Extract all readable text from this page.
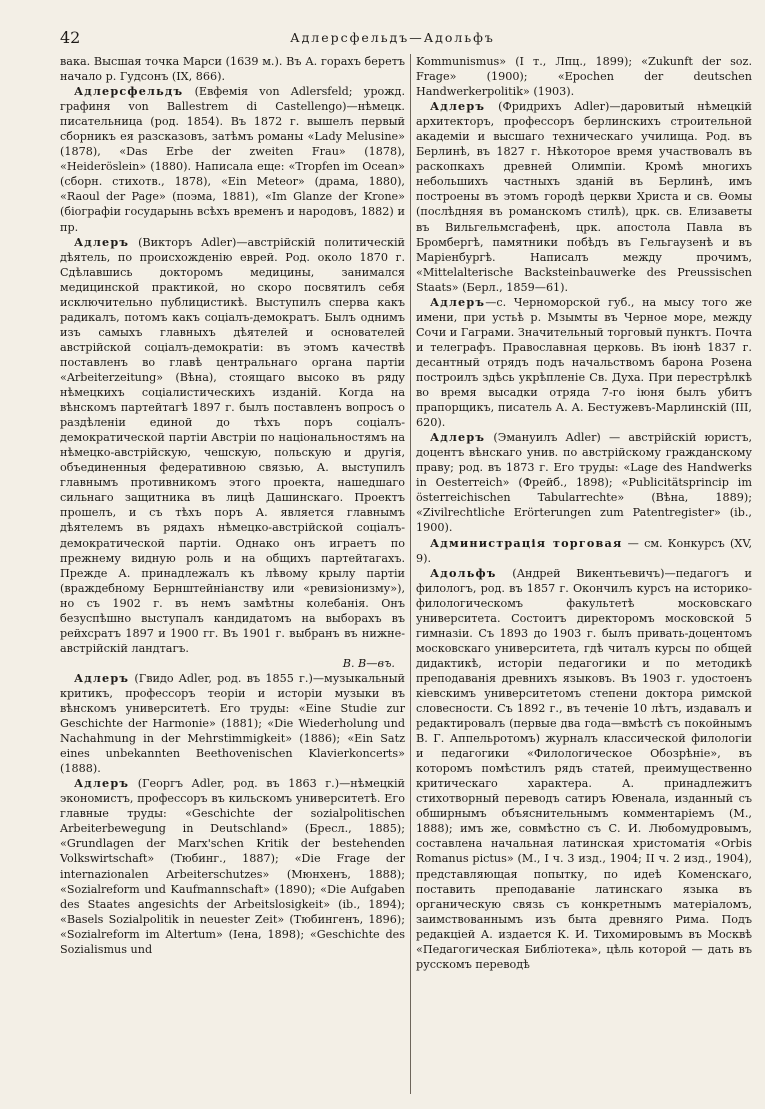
42	Адлерсфельдъ—Адольфъ

вака. Высшая точка Марси (1639 м.). Въ А. горахъ беретъ начало р. Гудсонъ (IX, 866).

Адлерсфельдъ (Евфемія von Adlersfeld; урожд. графиня von Ballestrem di Castellengo)—нѣмецк. писательница (род. 1854). Въ 1872 г. вышелъ первый сборникъ ея разсказовъ, затѣмъ романы «Lady Melusine» (1878), «Das Erbe der zweiten Frau» (1878), «Heideröslein» (1880). Написала еще: «Tropfen im Ocean» (сборн. стихотв., 1878), «Ein Meteor» (драма, 1880), «Raoul der Page» (поэма, 1881), «Im Glanze der Krone» (біографіи государынь всѣхъ временъ и народовъ, 1882) и пр.

Адлеръ (Викторъ Adler)—австрійскій политическій дѣятель, по происхожденію еврей. Род. около 1870 г. Сдѣлавшись докторомъ медицины, занимался медицинской практикой, но скоро посвятилъ себя исключительно публицистикѣ. Выступилъ сперва какъ радикалъ, потомъ какъ соціалъ-демократъ. Былъ однимъ изъ самыхъ главныхъ дѣятелей и основателей австрійской соціалъ-демократіи: въ этомъ качествѣ поставленъ во главѣ центральнаго органа партіи «Arbeiterzeitung» (Вѣна), стоящаго высоко въ ряду нѣмецкихъ соціалистическихъ изданій. Когда на вѣнскомъ партейтагѣ 1897 г. былъ поставленъ вопросъ о раздѣленіи единой до тѣхъ поръ соціалъ-демократической партіи Австріи по національностямъ на нѣмецко-австрійскую, чешскую, польскую и другія, объединенныя федеративною связью, А. выступилъ главнымъ противникомъ этого проекта, нашедшаго сильнаго защитника въ лицѣ Дашинскаго. Проектъ прошелъ, и съ тѣхъ поръ А. является главнымъ дѣятелемъ въ рядахъ нѣмецко-австрійской соціалъ-демократической партіи. Однако онъ играетъ по прежнему видную роль и на общихъ партейтагахъ. Прежде А. принадлежалъ къ лѣвому крылу партіи (враждебному Бернштейніанству или «ревизіонизму»), но съ 1902 г. въ немъ замѣтны колебанія. Онъ безуспѣшно выступалъ кандидатомъ на выборахъ въ рейхсратъ 1897 и 1900 гг. Въ 1901 г. выбранъ въ нижне-австрійскій ландтагъ.

В. В—въ.

Адлеръ (Гвидо Adler, род. въ 1855 г.)—музыкальный критикъ, профессоръ теоріи и исторіи музыки въ вѣнскомъ университетѣ. Его труды: «Eine Studie zur Geschichte der Harmonie» (1881); «Die Wiederholung und Nachahmung in der Mehrstimmigkeit» (1886); «Ein Satz eines unbekannten Beethovenischen Klavierkoncerts» (1888).

Адлеръ (Георгъ Adler, род. въ 1863 г.)—нѣмецкій экономистъ, профессоръ въ кильскомъ университетѣ. Его главные труды: «Geschichte der sozialpolitischen Arbeiterbewegung in Deutschland» (Бресл., 1885); «Grundlagen der Marx'schen Kritik der bestehenden Volkswirtschaft» (Тюбинг., 1887); «Die Frage der internazionalen Arbeiterschutzes» (Мюнхенъ, 1888); «Sozialreform und Kaufmannschaft» (1890); «Die Aufgaben des Staates angesichts der Arbeitslosigkeit» (ib., 1894); «Basels Sozialpolitik in neuester Zeit» (Тюбингенъ, 1896); «Sozialreform im Altertum» (Iена, 1898); «Geschichte des Sozialismus und

Kommunismus» (I т., Лпц., 1899); «Zukunft der soz. Frage» (1900); «Epochen der deutschen Handwerkerpolitik» (1903).

Адлеръ (Фридрихъ Adler)—даровитый нѣмецкій архитекторъ, профессоръ берлинскихъ строительной академіи и высшаго техническаго училища. Род. въ Берлинѣ, въ 1827 г. Нѣкоторое время участвовалъ въ раскопкахъ древней Олимпіи. Кромѣ многихъ небольшихъ частныхъ зданій въ Берлинѣ, имъ построены въ этомъ городѣ церкви Христа и св. Ѳомы (послѣдняя въ романскомъ стилѣ), црк. св. Елизаветы въ Вильгельмсгафенѣ, црк. апостола Павла въ Бромбергѣ, памятники побѣдъ въ Гельгаузенѣ и въ Маріенбургѣ. Написалъ между прочимъ, «Mittelalterische Backsteinbauwerke des Preussischen Staats» (Берл., 1859—61).

Адлеръ—с. Черноморской губ., на мысу того же имени, при устьѣ р. Мзымты въ Черное море, между Сочи и Гаграми. Значительный торговый пунктъ. Почта и телеграфъ. Православная церковь. Въ іюнѣ 1837 г. десантный отрядъ подъ начальствомъ барона Розена построилъ здѣсь укрѣпленіе Св. Духа. При перестрѣлкѣ во время высадки отряда 7-го іюня былъ убитъ прапорщикъ, писатель А. А. Бестужевъ-Марлинскій (III, 620).

Адлеръ (Эмануилъ Adler) — австрійскій юристъ, доцентъ вѣнскаго унив. по австрійскому гражданскому праву; род. въ 1873 г. Его труды: «Lage des Handwerks in Oesterreich» (Фрейб., 1898); «Publicitätsprincip im österreichischen Tabularrechte» (Вѣна, 1889); «Zivilrechtliche Erörterungen zum Patentregister» (ib., 1900).

Администрація торговая — см. Конкурсъ (XV, 9).

Адольфъ (Андрей Викентьевичъ)—педагогъ и филологъ, род. въ 1857 г. Окончилъ курсъ на историко-филологическомъ факультетѣ московскаго университета. Состоитъ директоромъ московской 5 гимназіи. Съ 1893 до 1903 г. былъ привать-доцентомъ московскаго университета, гдѣ читалъ курсы по общей дидактикѣ, исторіи педагогики и по методикѣ преподаванія древнихъ языковъ. Въ 1903 г. удостоенъ кіевскимъ университетомъ степени доктора римской словесности. Съ 1892 г., въ теченіе 10 лѣтъ, издавалъ и редактировалъ (первые два года—вмѣстѣ съ покойнымъ В. Г. Аппельротомъ) журналъ классической филологіи и педагогики «Филологическое Обозрѣніе», въ которомъ помѣстилъ рядъ статей, преимущественно критическаго характера. А. принадлежитъ стихотворный переводъ сатиръ Ювенала, изданный съ обширнымъ объяснительнымъ комментаріемъ (М., 1888); имъ же, совмѣстно съ С. И. Любомудровымъ, составлена начальная латинская христоматія «Orbis Romanus pictus» (М., I ч. 3 изд., 1904; II ч. 2 изд., 1904), представляющая попытку, по идеѣ Коменскаго, поставить преподаваніе латинскаго языка въ органическую связь съ конкретнымъ матеріаломъ, заимствованнымъ изъ быта древняго Рима. Подъ редакціей А. издается К. И. Тихомировымъ въ Москвѣ «Педагогическая Библіотека», цѣль которой — дать въ русскомъ переводѣ
